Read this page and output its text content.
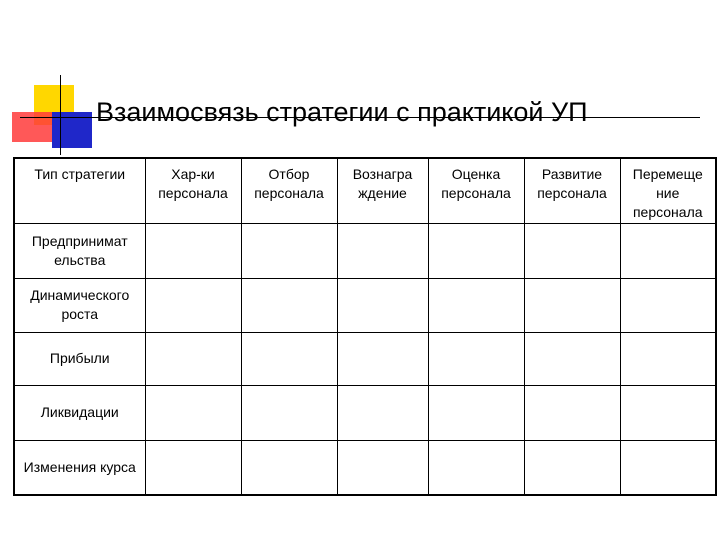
Взаимосвязь стратегии с практикой УП
Тип стратегии	Хар-ки персонала	Отбор персонала	Вознагра ждение	Оценка персонала	Развитие персонала	Перемеще ние персонала
Предпринимат ельства						
Динамического роста						
Прибыли						
Ликвидации						
Изменения курса						
